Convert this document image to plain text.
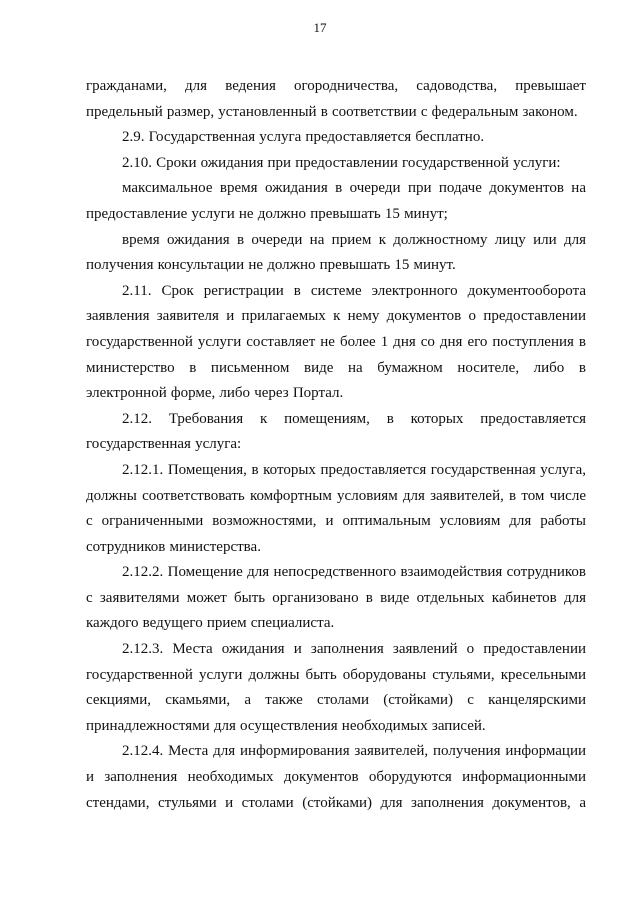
17

гражданами, для ведения огородничества, садоводства, превышает предельный размер, установленный в соответствии с федеральным законом.

2.9. Государственная услуга предоставляется бесплатно.

2.10. Сроки ожидания при предоставлении государственной услуги:

максимальное время ожидания в очереди при подаче документов на предоставление услуги не должно превышать 15 минут;

время ожидания в очереди на прием к должностному лицу или для получения консультации не должно превышать 15 минут.

2.11. Срок регистрации в системе электронного документооборота заявления заявителя и прилагаемых к нему документов о предоставлении государственной услуги составляет не более 1 дня со дня его поступления в министерство в письменном виде на бумажном носителе, либо в электронной форме, либо через Портал.

2.12. Требования к помещениям, в которых предоставляется государственная услуга:

2.12.1. Помещения, в которых предоставляется государственная услуга, должны соответствовать комфортным условиям для заявителей, в том числе с ограниченными возможностями, и оптимальным условиям для работы сотрудников министерства.

2.12.2. Помещение для непосредственного взаимодействия сотрудников с заявителями может быть организовано в виде отдельных кабинетов для каждого ведущего прием специалиста.

2.12.3. Места ожидания и заполнения заявлений о предоставлении государственной услуги должны быть оборудованы стульями, кресельными секциями, скамьями, а также столами (стойками) с канцелярскими принадлежностями для осуществления необходимых записей.

2.12.4. Места для информирования заявителей, получения информации и заполнения необходимых документов оборудуются информационными стендами, стульями и столами (стойками) для заполнения документов, а
